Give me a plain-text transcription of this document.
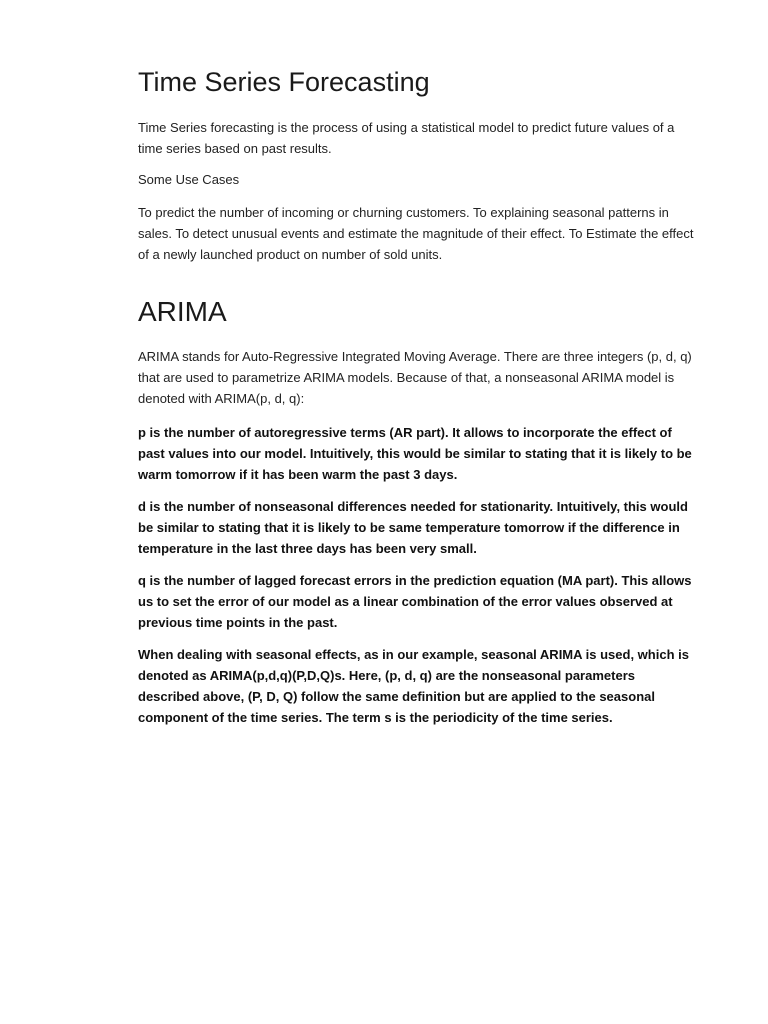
Time Series Forecasting

Time Series forecasting is the process of using a statistical model to predict future values of a time series based on past results.

Some Use Cases

To predict the number of incoming or churning customers. To explaining seasonal patterns in sales. To detect unusual events and estimate the magnitude of their effect. To Estimate the effect of a newly launched product on number of sold units.

ARIMA

ARIMA stands for Auto-Regressive Integrated Moving Average. There are three integers (p, d, q) that are used to parametrize ARIMA models. Because of that, a nonseasonal ARIMA model is denoted with ARIMA(p, d, q):

p is the number of autoregressive terms (AR part). It allows to incorporate the effect of past values into our model. Intuitively, this would be similar to stating that it is likely to be warm tomorrow if it has been warm the past 3 days.

d is the number of nonseasonal differences needed for stationarity. Intuitively, this would be similar to stating that it is likely to be same temperature tomorrow if the difference in temperature in the last three days has been very small.

q is the number of lagged forecast errors in the prediction equation (MA part). This allows us to set the error of our model as a linear combination of the error values observed at previous time points in the past.

When dealing with seasonal effects, as in our example, seasonal ARIMA is used, which is denoted as ARIMA(p,d,q)(P,D,Q)s. Here, (p, d, q) are the nonseasonal parameters described above, (P, D, Q) follow the same definition but are applied to the seasonal component of the time series. The term s is the periodicity of the time series.
